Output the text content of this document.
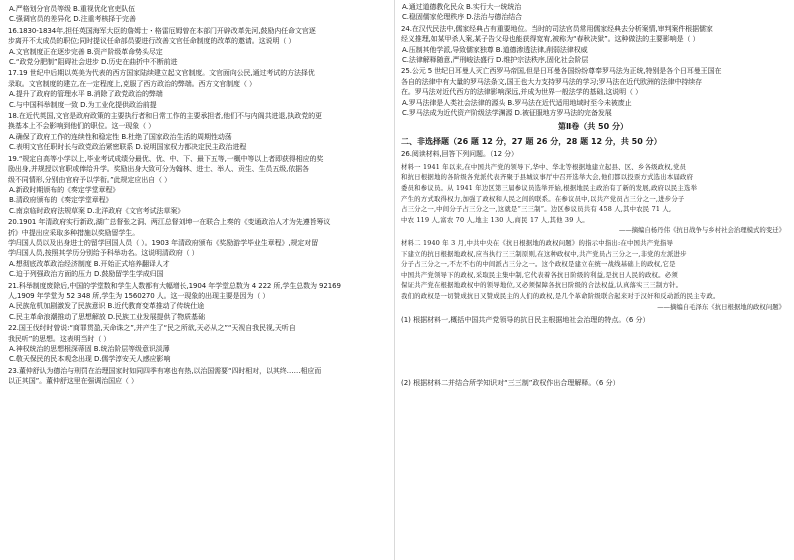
A.严格划分官员等级 B.重视优化官吏队伍
C.强调官员的差异化 D.注重考核择于完善
16.1830-1834年,担任英国海军大臣的詹姆士・格雷厄姆曾在本部门开辟改革先河,鼓励内任命文官逐
步离开不太成员的职位;同时提议任命部员要进行改善文官任命制度的改革的邀请。这说明（ ）
A.文官制度正在逐步完善 B.资产阶级革命势头尽定
C.“政党分肥制”阻碍社会进步 D.历史在曲折中不断前进
17.19 世纪中后期以英美为代表的西方国家陆续建立起文官制度。文官面向公民,通过考试的方法择优
录取。文官制度的建立,在一定程度上,克服了西方政治的弊端。西方文官制度（ ）
A.提升了政府的管理水平 B.消除了政党政治的弊端
C.与中国科举制度一致 D.为工业化提供政治前提
18.在近代英国,文官是政府政策的主要执行者和日常工作的主要承担者,他们不与内阁共进退,执政党的更
换基本上不会影响到他们的职位。这一现象（ ）
A.确保了政府工作的连续性和稳定性 B.杜绝了国家政治生活的周期性动荡
C.表明文官任职时长与政党政治紧密联系 D.说明国家权力都决定民主政治进程
19.“规定自高等小学以上,毕业考试成绩分最优、优、中、下、最下五等,一概中等以上者即获得相应的奖
励出身,并规授以官职或俸给升学。奖励出身大致可分为翰林、进士、举人、贡生、生员五级,依据各
级不同情形,分别由官府予以学衔。”此规定应出自（ ）
A.新政时期颁布的《奏定学堂章程》
B.清政府颁布的《奏定学堂章程》
C.南京临时政府法规草案 D.北洋政府《文官考试法草案》
20.1901 年清政府实行新政,湖广总督张之洞、两江总督刘坤一在联合上奏的《变通政治人才为先遵旨筹议
折》中提出应采取多种措施以奖励留学生。
学归国人员以及出身进士的留学回国人员（ ）。1903 年清政府颁布《奖励游学毕业生章程》,规定对留
学归国人员,按照其学历分别给予科举功名。这说明清政府（ ）
A.想彻底改革政治经济制度 B.开始正式培养翻译人才
C.迫于列强政治方面的压力 D.鼓励留学生学成归国
21.科举制度废除后,中国的学堂数和学生人数都有大幅增长,1904 年学堂总数为 4 222 所,学生总数为 92169
人,1909 年学堂为 52 348 所,学生为 1560270 人。这一现象的出现主要是因为（ ）
A.民族危机加剧激发了民族意识 B.近代教育变革推动了传统仕途
C.民主革命浪潮推动了思想解放 D.民族工业发展提供了物质基础
22.国王伐纣时曾说:“商罪贯盈,天命诛之”,并产生了“民之所欲,天必从之”“天视自我民视,天听自
我民听”的思想。这表明当时（ ）
A.神权统治的思想根深蒂固 B.统治阶层等级意识淡薄
C.敬天保民的民本观念出现 D.儒学淳安天人感应影响
23.董仲舒认为德治与刑罚在治理国家时如同四季有寒也有热,以治国需要“四时相对，以其终……相应而
以正其国”。董仲舒这里在强调治国应（ ）
A.通过道德教化民众 B.实行大一统统治
C.稳固儒家伦理秩序 D.法治与德治结合
24.在汉代民法中,儒家经典占有重要地位。当时的司法官员常用儒家经典去分析案情,审判案件根据儒家
经义推理,如某甲杀人案,某子告父母也能获得宽宥,被称为“春秋决狱”。这种做法的主要影响是（ ）
A.压制其他学派,导致儒家独尊 B.道德渗透法律,削弱法律权威
C.法律解释随意,严刑峻法盛行 D.维护宗法秩序,固化社会阶层
25.公元 5 世纪日耳曼人灭亡西罗马帝国,但是日耳曼各国纷纷尊奉罗马法为正统,特别是各个日耳曼王国在
各自的法律中有大量的罗马法条文,国王也大力支持罗马法的学习;罗马法在近代欧洲的法律中持续存
在。罗马法对近代西方的法律影响深远,并成为世界一般法学的基础,这说明（ ）
A.罗马法律是人类社会法律的源头 B.罗马法在近代适用地域时至今未被废止
C.罗马法成为近代资产阶级法学渊源 D.被征服地方罗马法的完备发展
第Ⅱ卷（共 50 分）
二、非选择题（26 题 12 分，27 题 26 分，28 题 12 分，共 50 分）
26.阅读材料,回答下列问题。（12 分）
材料一 1941 年以来,在中国共产党的领导下,华中、华北等根据地建立起县、区、乡各级政权,党员
和抗日根据地的各阶级各党派代表齐聚于县城议事厅中召开选举大会,他们都以投票方式选出本届政府
委员和参议员。从 1941 年边区第三届参议员选举开始,根据地民主政治有了新的发展,政府以民主选举
产生的方式取得权力,加强了政权和人民之间的联系。在参议员中,以共产党员占三分之一,进步分子
占三分之一,中间分子占三分之一,这就是“三三制”。边区参议员共有 458 人,其中农民 71 人,
中农 119 人,富农 70 人,地主 130 人,商民 17 人,其他 39 人。
——摘编自杨丹伟《抗日战争与乡村社会治理模式的变迁》
材料二 1940 年 3 月,中共中央在《抗日根据地的政权问题》的指示中指出:在中国共产党指导
下建立的抗日根据地政权,应当执行三三制原则,在这种政权中,共产党员占三分之一,非党的左派进步
分子占三分之一,不左不右的中间派占三分之一。这个政权是建立在统一战线基础上的政权,它是
中国共产党领导下的政权,采取民主集中制,它代表着各抗日阶级的利益,是抗日人民的政权。必须
保证共产党在根据地政权中的领导地位,又必须保障各抗日阶级的合法权益,认真落实三三制方针。
我们的政权是一切赞成抗日又赞成民主的人们的政权,是几个革命阶级联合起来对于汉奸和反动派的民主专政。
——摘编自毛泽东《抗日根据地的政权问题》
(1) 根据材料一,概括中国共产党领导的抗日民主根据地社会治理的特点。（6 分）
(2) 根据材料二并结合所学知识对“三三制”政权作出合理解释。（6 分）
